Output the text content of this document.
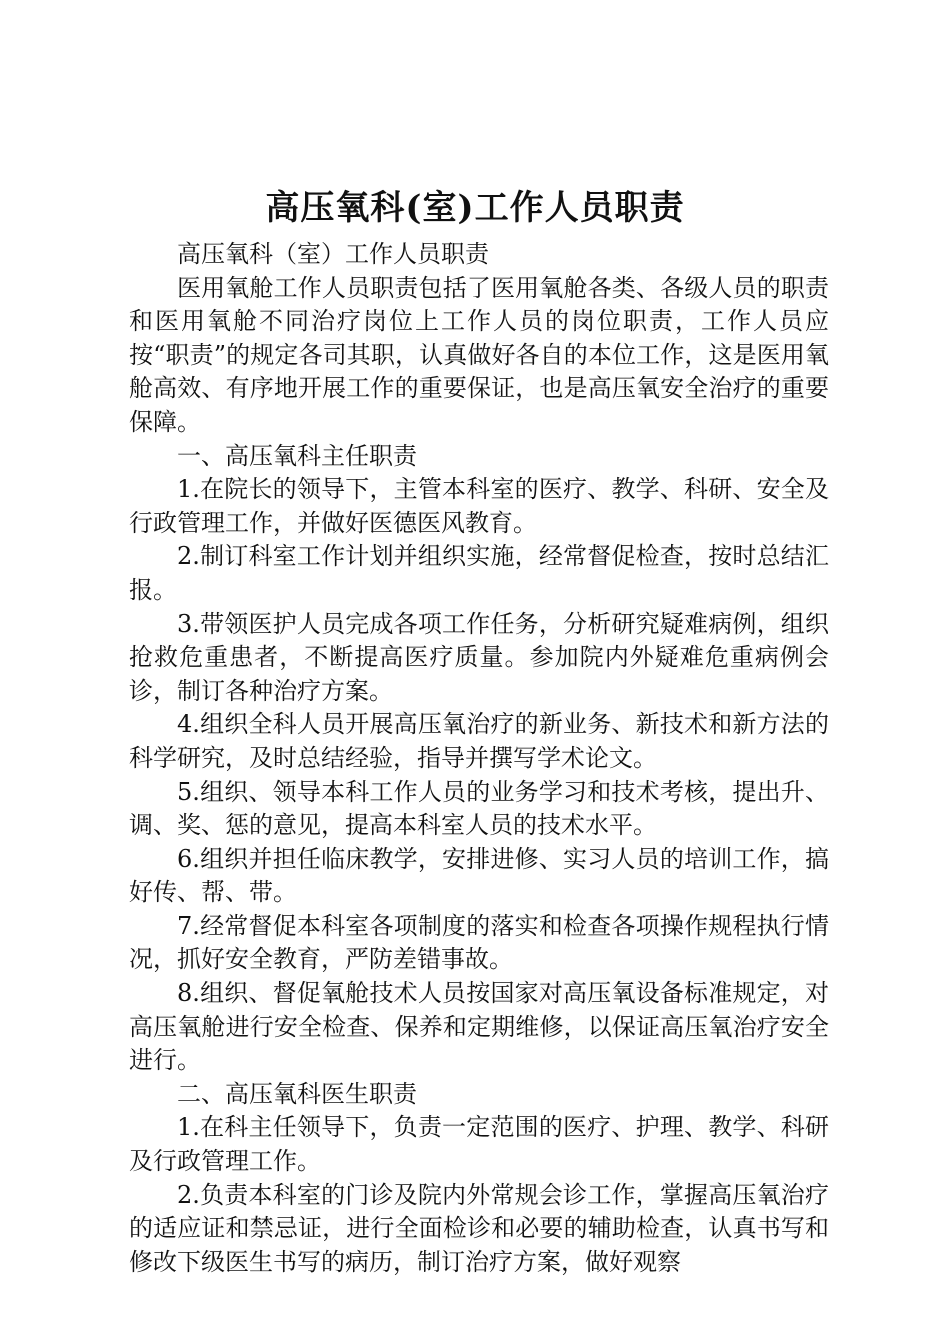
高压氧科(室)工作人员职责

高压氧科（室）工作人员职责

医用氧舱工作人员职责包括了医用氧舱各类、各级人员的职责和医用氧舱不同治疗岗位上工作人员的岗位职责，工作人员应按“职责”的规定各司其职，认真做好各自的本位工作，这是医用氧舱高效、有序地开展工作的重要保证，也是高压氧安全治疗的重要保障。

一、高压氧科主任职责

1.在院长的领导下，主管本科室的医疗、教学、科研、安全及行政管理工作，并做好医德医风教育。

2.制订科室工作计划并组织实施，经常督促检查，按时总结汇报。

3.带领医护人员完成各项工作任务，分析研究疑难病例，组织抢救危重患者，不断提高医疗质量。参加院内外疑难危重病例会诊，制订各种治疗方案。

4.组织全科人员开展高压氧治疗的新业务、新技术和新方法的科学研究，及时总结经验，指导并撰写学术论文。

5.组织、领导本科工作人员的业务学习和技术考核，提出升、调、奖、惩的意见，提高本科室人员的技术水平。

6.组织并担任临床教学，安排进修、实习人员的培训工作，搞好传、帮、带。

7.经常督促本科室各项制度的落实和检查各项操作规程执行情况，抓好安全教育，严防差错事故。

8.组织、督促氧舱技术人员按国家对高压氧设备标准规定，对高压氧舱进行安全检查、保养和定期维修，以保证高压氧治疗安全进行。

二、高压氧科医生职责

1.在科主任领导下，负责一定范围的医疗、护理、教学、科研及行政管理工作。

2.负责本科室的门诊及院内外常规会诊工作，掌握高压氧治疗的适应证和禁忌证，进行全面检诊和必要的辅助检查，认真书写和修改下级医生书写的病历，制订治疗方案，做好观察
